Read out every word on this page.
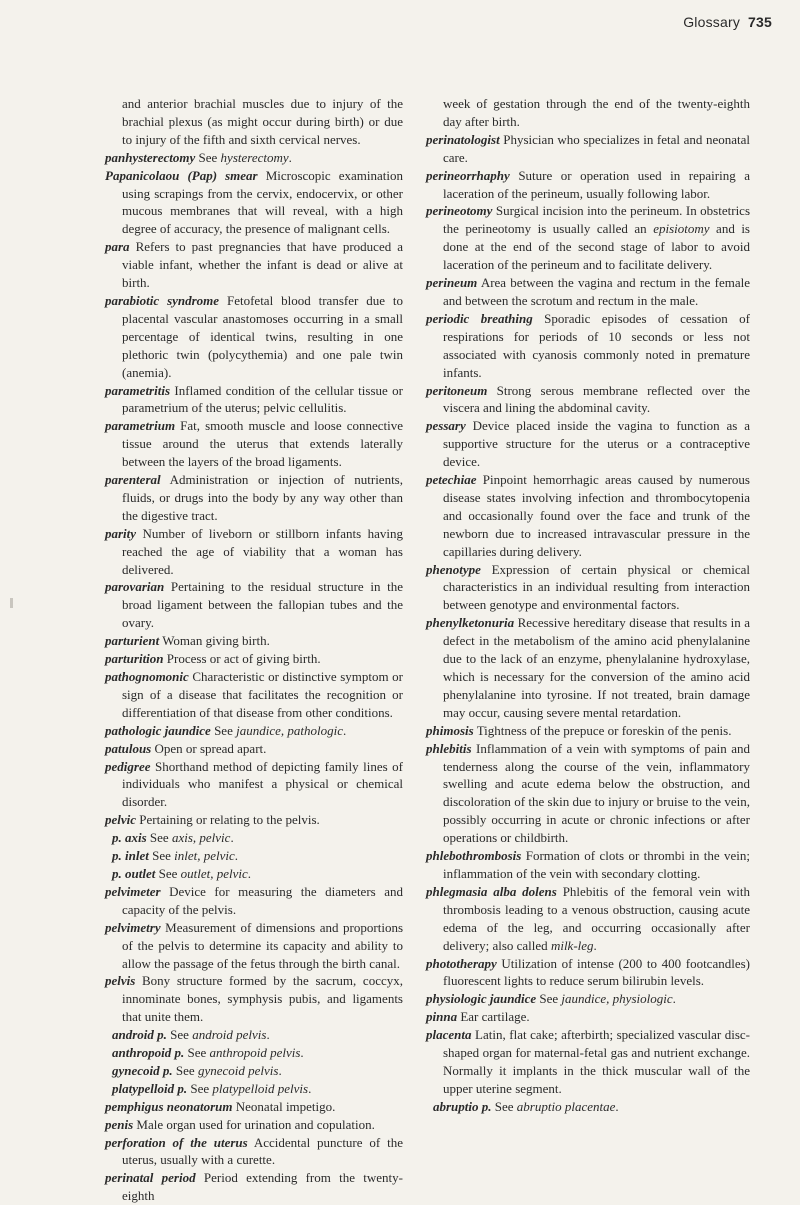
Glossary 735

and anterior brachial muscles due to injury of the brachial plexus (as might occur during birth) or due to injury of the fifth and sixth cervical nerves.

panhysterectomy See hysterectomy.

Papanicolaou (Pap) smear Microscopic examination using scrapings from the cervix, endocervix, or other mucous membranes that will reveal, with a high degree of accuracy, the presence of malignant cells.

para Refers to past pregnancies that have produced a viable infant, whether the infant is dead or alive at birth.

parabiotic syndrome Fetofetal blood transfer due to placental vascular anastomoses occurring in a small percentage of identical twins, resulting in one plethoric twin (polycythemia) and one pale twin (anemia).

parametritis Inflamed condition of the cellular tissue or parametrium of the uterus; pelvic cellulitis.

parametrium Fat, smooth muscle and loose connective tissue around the uterus that extends laterally between the layers of the broad ligaments.

parenteral Administration or injection of nutrients, fluids, or drugs into the body by any way other than the digestive tract.

parity Number of liveborn or stillborn infants having reached the age of viability that a woman has delivered.

parovarian Pertaining to the residual structure in the broad ligament between the fallopian tubes and the ovary.

parturient Woman giving birth.

parturition Process or act of giving birth.

pathognomonic Characteristic or distinctive symptom or sign of a disease that facilitates the recognition or differentiation of that disease from other conditions.

pathologic jaundice See jaundice, pathologic.

patulous Open or spread apart.

pedigree Shorthand method of depicting family lines of individuals who manifest a physical or chemical disorder.

pelvic Pertaining or relating to the pelvis.

p. axis See axis, pelvic.

p. inlet See inlet, pelvic.

p. outlet See outlet, pelvic.

pelvimeter Device for measuring the diameters and capacity of the pelvis.

pelvimetry Measurement of dimensions and proportions of the pelvis to determine its capacity and ability to allow the passage of the fetus through the birth canal.

pelvis Bony structure formed by the sacrum, coccyx, innominate bones, symphysis pubis, and ligaments that unite them.

android p. See android pelvis.

anthropoid p. See anthropoid pelvis.

gynecoid p. See gynecoid pelvis.

platypelloid p. See platypelloid pelvis.

pemphigus neonatorum Neonatal impetigo.

penis Male organ used for urination and copulation.

perforation of the uterus Accidental puncture of the uterus, usually with a curette.

perinatal period Period extending from the twenty-eighth

week of gestation through the end of the twenty-eighth day after birth.

perinatologist Physician who specializes in fetal and neonatal care.

perineorrhaphy Suture or operation used in repairing a laceration of the perineum, usually following labor.

perineotomy Surgical incision into the perineum. In obstetrics the perineotomy is usually called an episiotomy and is done at the end of the second stage of labor to avoid laceration of the perineum and to facilitate delivery.

perineum Area between the vagina and rectum in the female and between the scrotum and rectum in the male.

periodic breathing Sporadic episodes of cessation of respirations for periods of 10 seconds or less not associated with cyanosis commonly noted in premature infants.

peritoneum Strong serous membrane reflected over the viscera and lining the abdominal cavity.

pessary Device placed inside the vagina to function as a supportive structure for the uterus or a contraceptive device.

petechiae Pinpoint hemorrhagic areas caused by numerous disease states involving infection and thrombocytopenia and occasionally found over the face and trunk of the newborn due to increased intravascular pressure in the capillaries during delivery.

phenotype Expression of certain physical or chemical characteristics in an individual resulting from interaction between genotype and environmental factors.

phenylketonuria Recessive hereditary disease that results in a defect in the metabolism of the amino acid phenylalanine due to the lack of an enzyme, phenylalanine hydroxylase, which is necessary for the conversion of the amino acid phenylalanine into tyrosine. If not treated, brain damage may occur, causing severe mental retardation.

phimosis Tightness of the prepuce or foreskin of the penis.

phlebitis Inflammation of a vein with symptoms of pain and tenderness along the course of the vein, inflammatory swelling and acute edema below the obstruction, and discoloration of the skin due to injury or bruise to the vein, possibly occurring in acute or chronic infections or after operations or childbirth.

phlebothrombosis Formation of clots or thrombi in the vein; inflammation of the vein with secondary clotting.

phlegmasia alba dolens Phlebitis of the femoral vein with thrombosis leading to a venous obstruction, causing acute edema of the leg, and occurring occasionally after delivery; also called milk-leg.

phototherapy Utilization of intense (200 to 400 footcandles) fluorescent lights to reduce serum bilirubin levels.

physiologic jaundice See jaundice, physiologic.

pinna Ear cartilage.

placenta Latin, flat cake; afterbirth; specialized vascular disc-shaped organ for maternal-fetal gas and nutrient exchange. Normally it implants in the thick muscular wall of the upper uterine segment.

abruptio p. See abruptio placentae.
